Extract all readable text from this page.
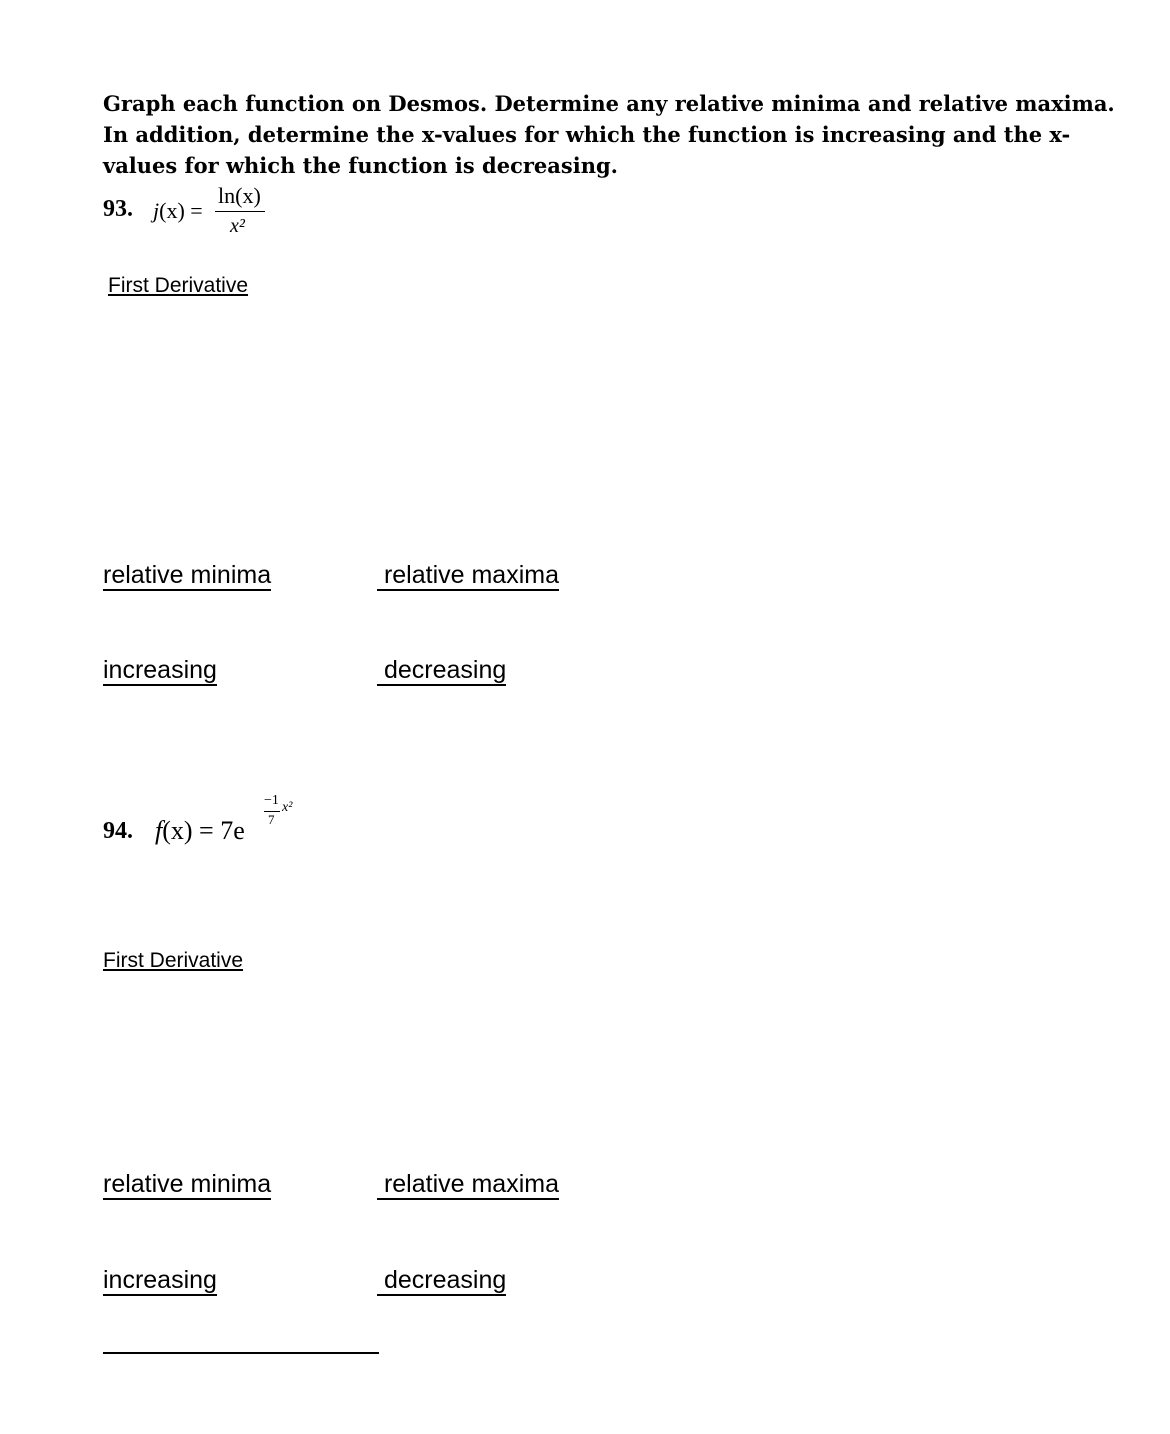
Graph each function on Desmos. Determine any relative minima and relative maxima. In addition, determine the x-values for which the function is increasing and the x-values for which the function is decreasing.

93. j(x) =
ln(x)
x²
First Derivative
relative minima	relative maxima
increasing	decreasing
94. f(x) = 7e
−1
7
x²
First Derivative
relative minima	relative maxima
increasing	decreasing
